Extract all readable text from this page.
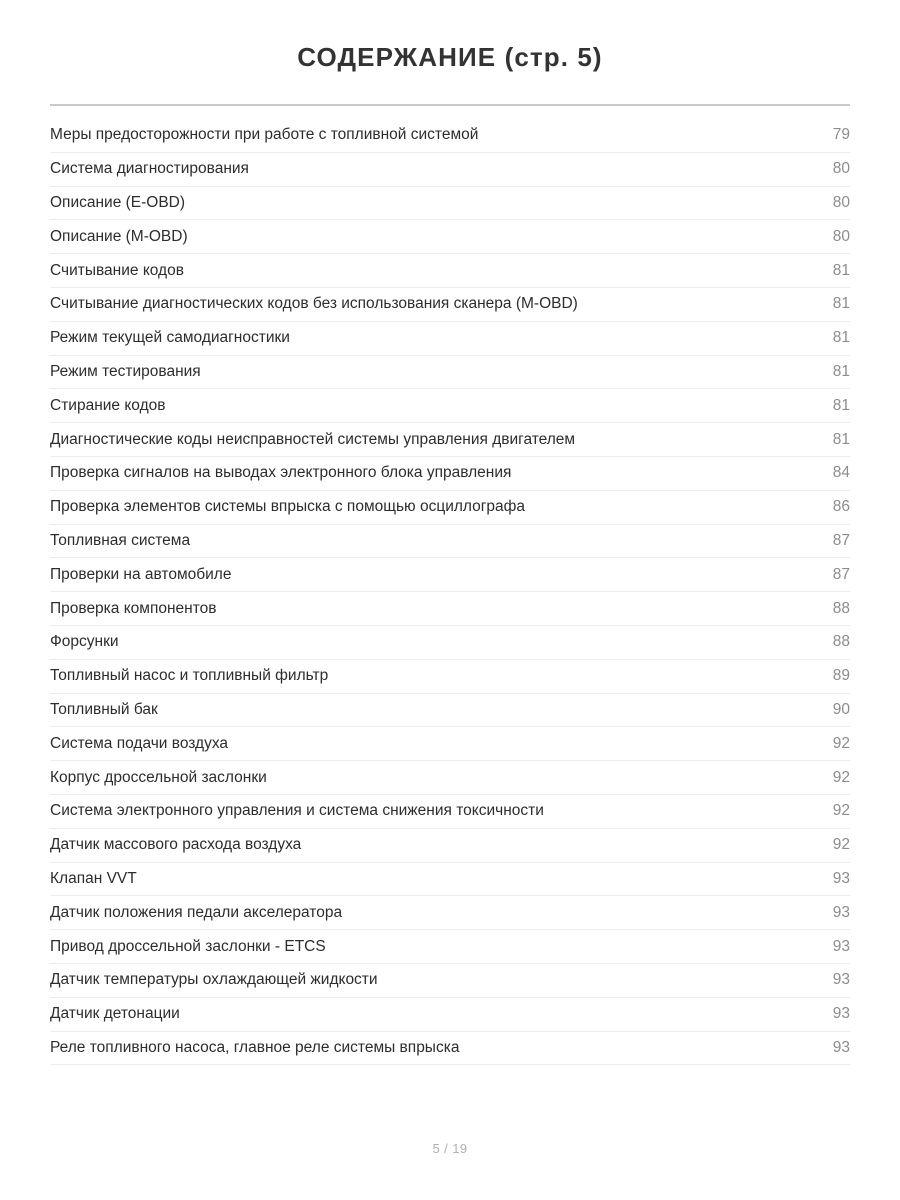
СОДЕРЖАНИЕ (стр. 5)
Меры предосторожности при работе с топливной системой	79
Система диагностирования	80
Описание (E-OBD)	80
Описание (M-OBD)	80
Считывание кодов	81
Считывание диагностических кодов без использования сканера (M-OBD)	81
Режим текущей самодиагностики	81
Режим тестирования	81
Стирание кодов	81
Диагностические коды неисправностей системы управления двигателем	81
Проверка сигналов на выводах электронного блока управления	84
Проверка элементов системы впрыска с помощью осциллографа	86
Топливная система	87
Проверки на автомобиле	87
Проверка компонентов	88
Форсунки	88
Топливный насос и топливный фильтр	89
Топливный бак	90
Система подачи воздуха	92
Корпус дроссельной заслонки	92
Система электронного управления и система снижения токсичности	92
Датчик массового расхода воздуха	92
Клапан VVT	93
Датчик положения педали акселератора	93
Привод дроссельной заслонки - ETCS	93
Датчик температуры охлаждающей жидкости	93
Датчик детонации	93
Реле топливного насоса, главное реле системы впрыска	93
5 / 19
